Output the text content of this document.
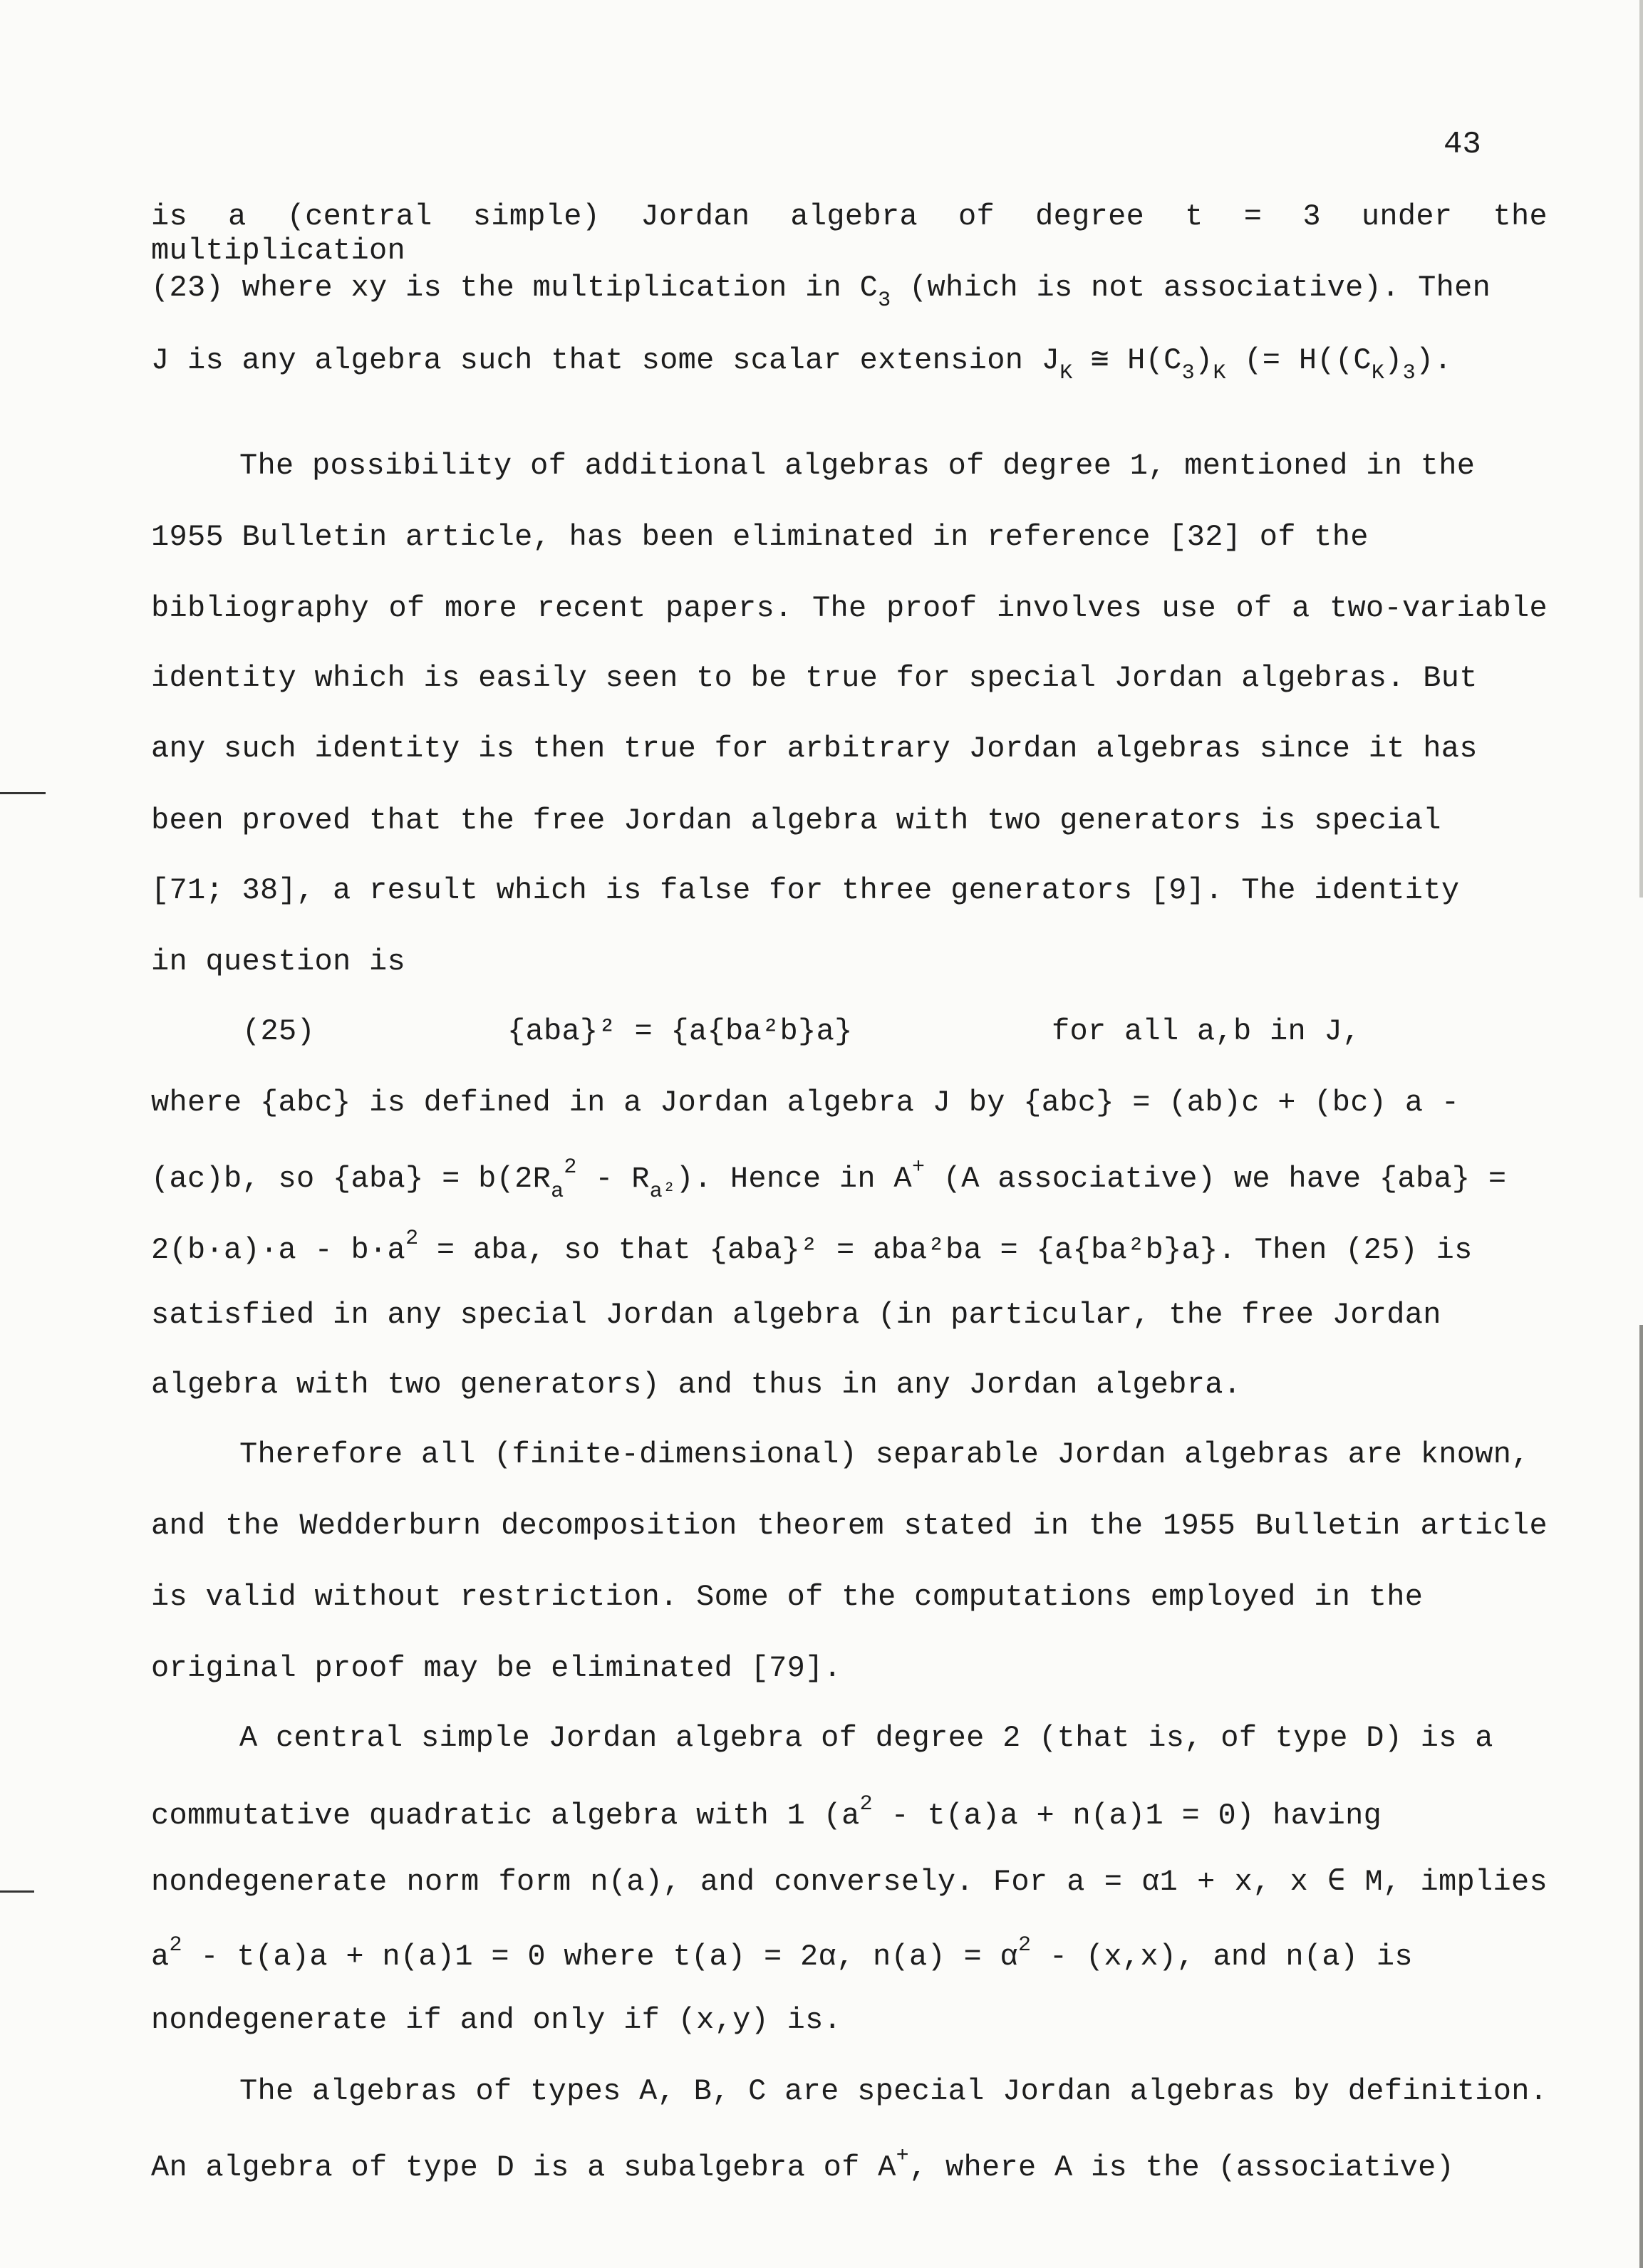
43
is a (central simple) Jordan algebra of degree t = 3 under the multiplication
(23) where xy is the multiplication in $C_3$ (which is not associative). Then
J is any algebra such that some scalar extension $J_K$ ≅ $H(C_3)_K$ (= $H((C_K)_3)$.
The possibility of additional algebras of degree 1, mentioned in the
1955 Bulletin article, has been eliminated in reference [32] of the
bibliography of more recent papers. The proof involves use of a two-variable
identity which is easily seen to be true for special Jordan algebras. But
any such identity is then true for arbitrary Jordan algebras since it has
been proved that the free Jordan algebra with two generators is special
[71; 38], a result which is false for three generators [9]. The identity
in question is
(25)	{aba}² = {a{ba²b}a}	for all a,b in J,
where {abc} is defined in a Jordan algebra J by {abc} = (ab)c + (bc) a -
(ac)b, so $\{aba\} = b(2R_a^2 - R_{a^2})$. Hence in A+ (A associative) we have {aba} =
$2(b\cdot a)\cdot a - b\cdot a^2$ = aba, so that {aba}² = aba²ba = {a{ba²b}a}. Then (25) is
satisfied in any special Jordan algebra (in particular, the free Jordan
algebra with two generators) and thus in any Jordan algebra.
Therefore all (finite-dimensional) separable Jordan algebras are known,
and the Wedderburn decomposition theorem stated in the 1955 Bulletin article
is valid without restriction. Some of the computations employed in the
original proof may be eliminated [79].
A central simple Jordan algebra of degree 2 (that is, of type D) is a
commutative quadratic algebra with 1 $(a^2 - t(a)a + n(a)1 = 0)$ having
nondegenerate norm form n(a), and conversely. For a = α1 + x, x ∈ M, implies
$a^2 - t(a)a + n(a)1 = 0$ where t(a) = 2α, $n(a) = \alpha^2 - (x,x)$, and n(a) is
nondegenerate if and only if (x,y) is.
The algebras of types A, B, C are special Jordan algebras by definition.
An algebra of type D is a subalgebra of A+, where A is the (associative)
